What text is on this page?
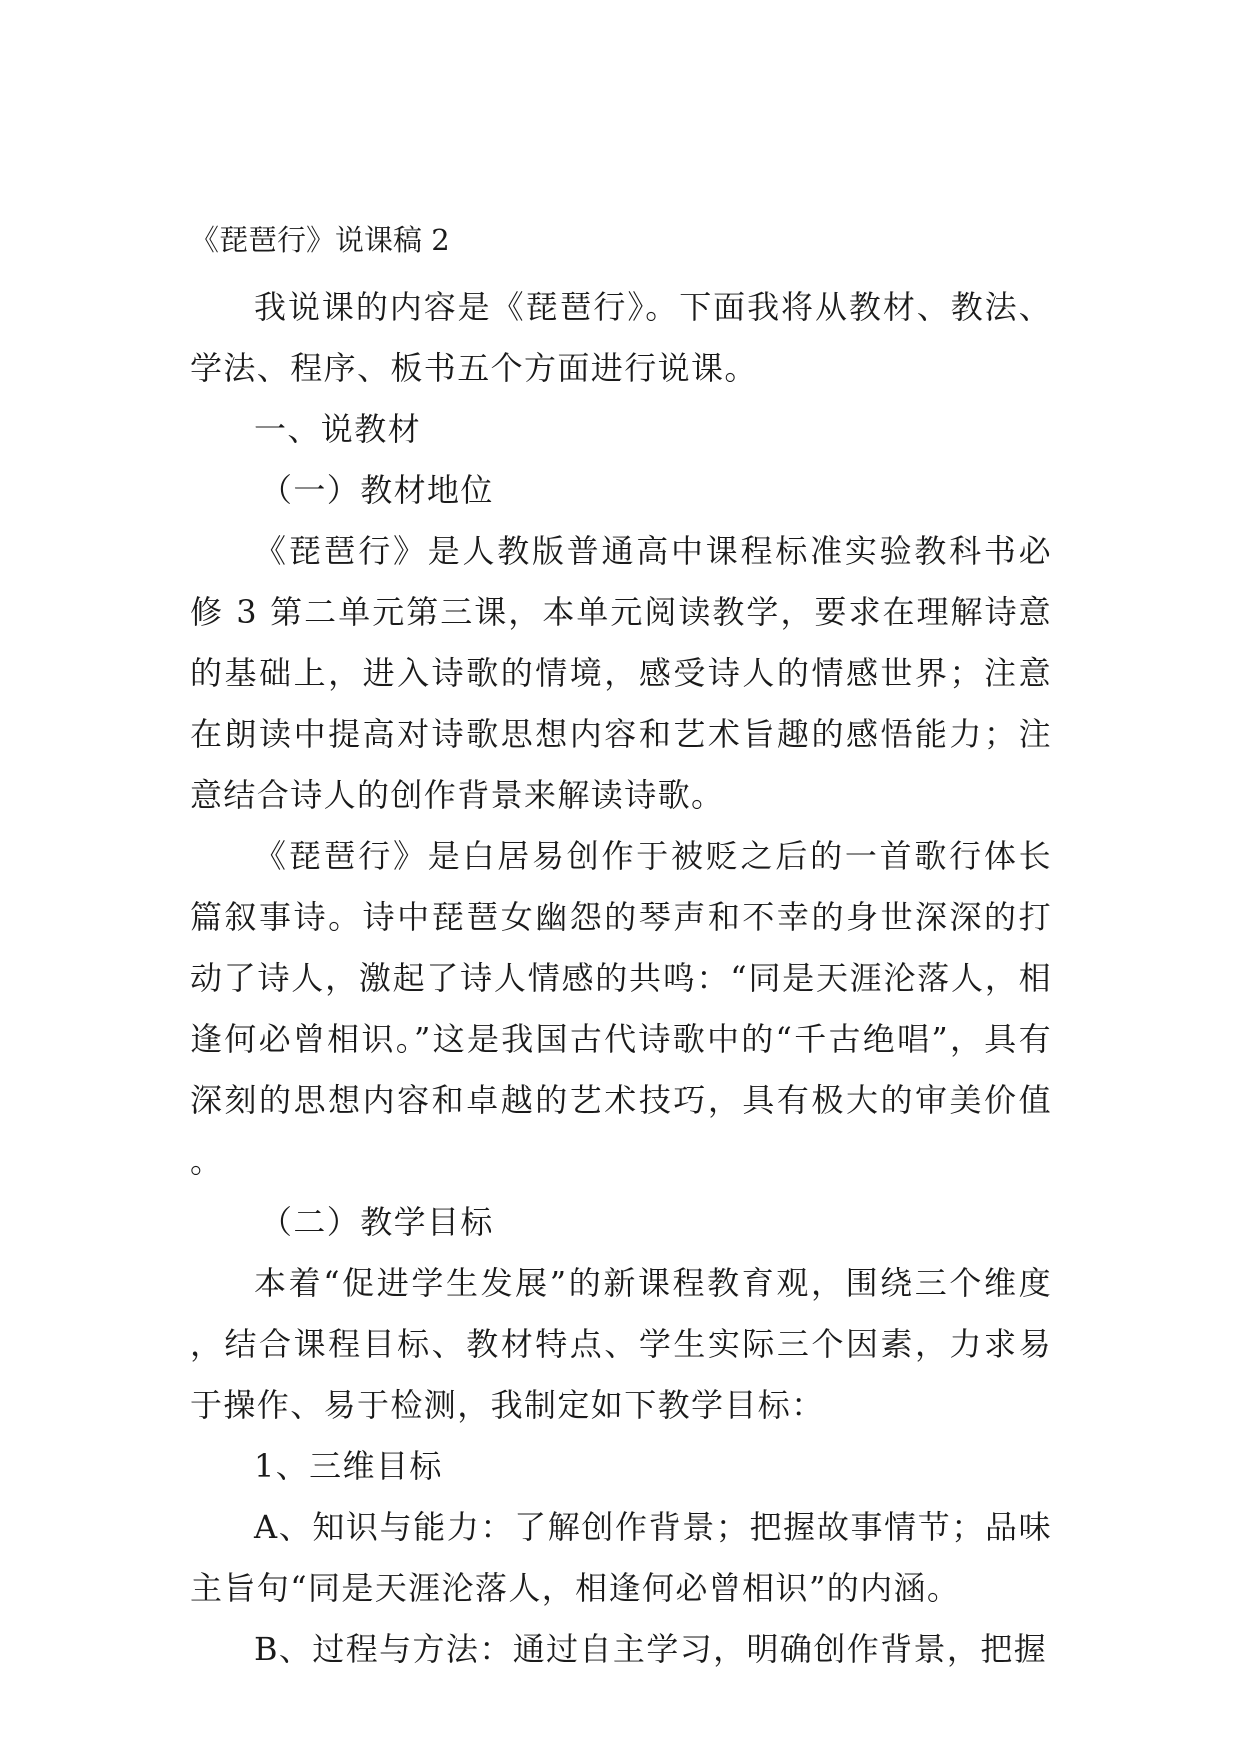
《琵琶行》说课稿 2

我说课的内容是《琵琶行》。下面我将从教材、教法、学法、程序、板书五个方面进行说课。

一、说教材
（一）教材地位

《琵琶行》是人教版普通高中课程标准实验教科书必修 3 第二单元第三课，本单元阅读教学，要求在理解诗意的基础上，进入诗歌的情境，感受诗人的情感世界；注意在朗读中提高对诗歌思想内容和艺术旨趣的感悟能力；注意结合诗人的创作背景来解读诗歌。

《琵琶行》是白居易创作于被贬之后的一首歌行体长篇叙事诗。诗中琵琶女幽怨的琴声和不幸的身世深深的打动了诗人，激起了诗人情感的共鸣：“同是天涯沦落人，相逢何必曾相识。”这是我国古代诗歌中的“千古绝唱”，具有深刻的思想内容和卓越的艺术技巧，具有极大的审美价值。

（二）教学目标

本着“促进学生发展”的新课程教育观，围绕三个维度，结合课程目标、教材特点、学生实际三个因素，力求易于操作、易于检测，我制定如下教学目标：

1、三维目标

A、知识与能力：了解创作背景；把握故事情节；品味主旨句“同是天涯沦落人，相逢何必曾相识”的内涵。

B、过程与方法：通过自主学习，明确创作背景，把握
